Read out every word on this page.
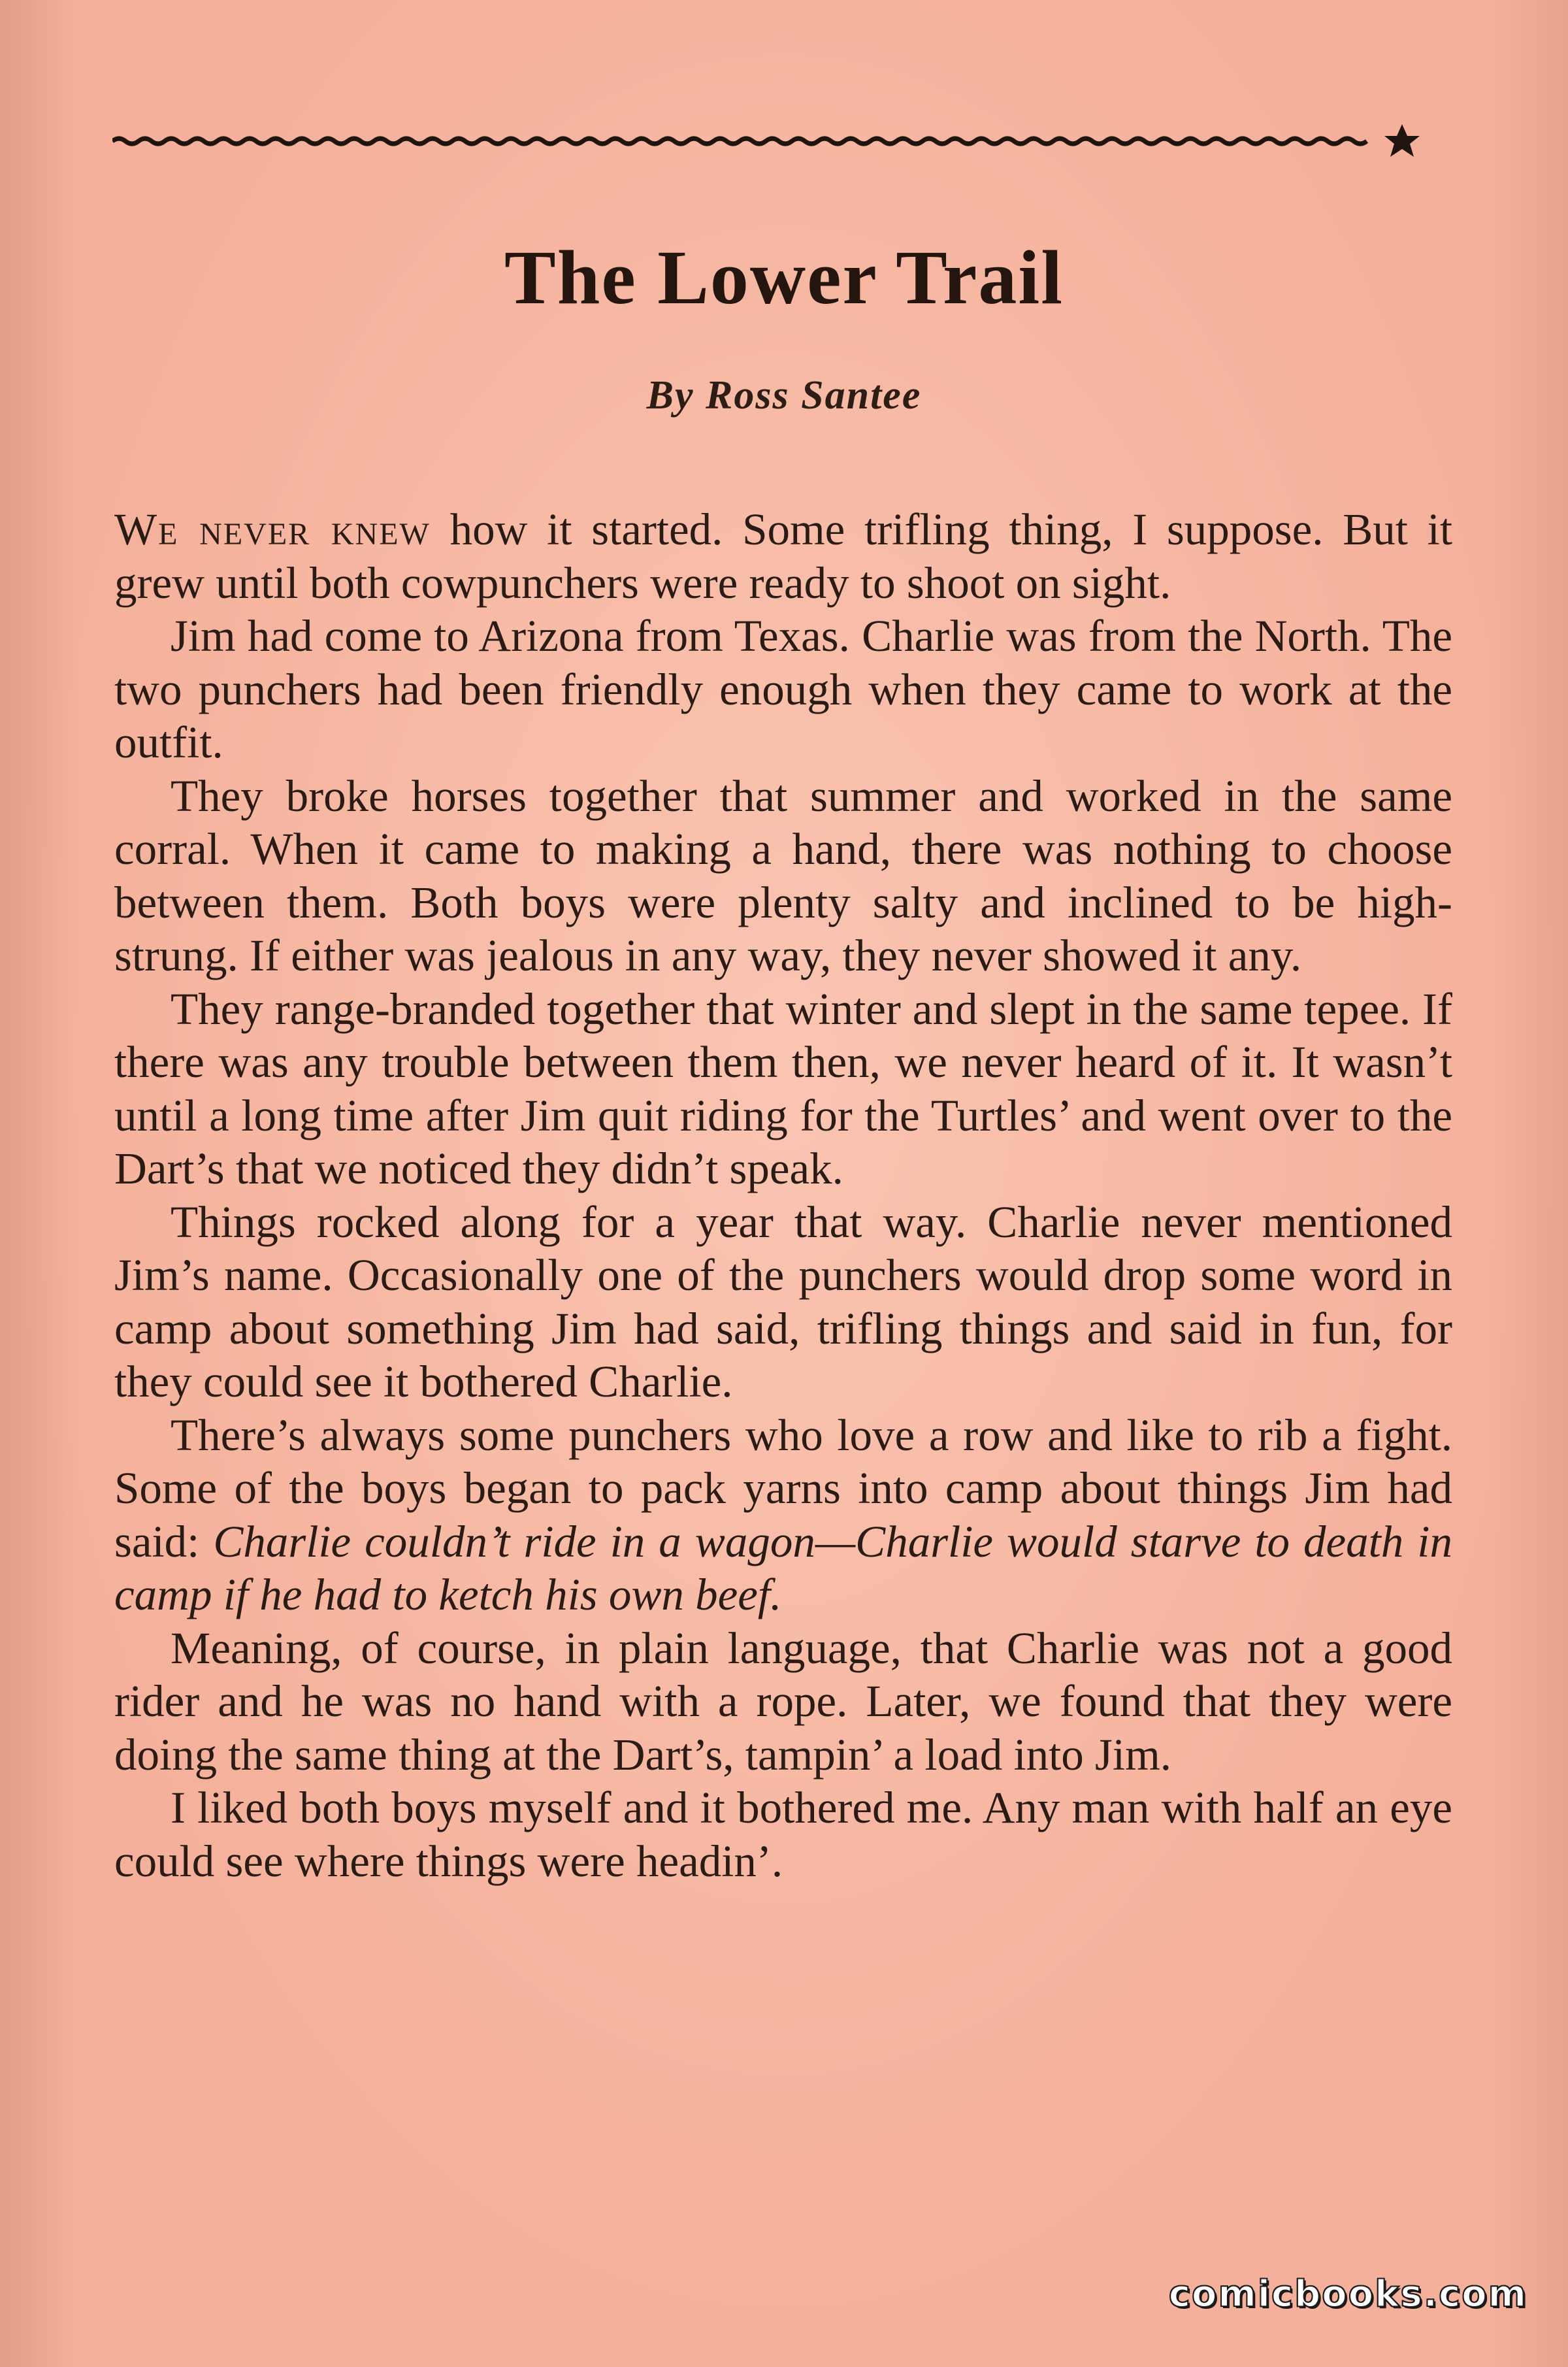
The Lower Trail
By Ross Santee

We never knew how it started. Some trifling thing, I suppose. But it grew until both cowpunchers were ready to shoot on sight.

Jim had come to Arizona from Texas. Charlie was from the North. The two punchers had been friendly enough when they came to work at the outfit.

They broke horses together that summer and worked in the same corral. When it came to making a hand, there was nothing to choose between them. Both boys were plenty salty and inclined to be high-strung. If either was jealous in any way, they never showed it any.

They range-branded together that winter and slept in the same tepee. If there was any trouble between them then, we never heard of it. It wasn’t until a long time after Jim quit riding for the Turtles’ and went over to the Dart’s that we noticed they didn’t speak.

Things rocked along for a year that way. Charlie never mentioned Jim’s name. Occasionally one of the punchers would drop some word in camp about something Jim had said, trifling things and said in fun, for they could see it bothered Charlie.

There’s always some punchers who love a row and like to rib a fight. Some of the boys began to pack yarns into camp about things Jim had said: Charlie couldn’t ride in a wagon—Charlie would starve to death in camp if he had to ketch his own beef.

Meaning, of course, in plain language, that Charlie was not a good rider and he was no hand with a rope. Later, we found that they were doing the same thing at the Dart’s, tampin’ a load into Jim.

I liked both boys myself and it bothered me. Any man with half an eye could see where things were headin’.

comicbooks.com
